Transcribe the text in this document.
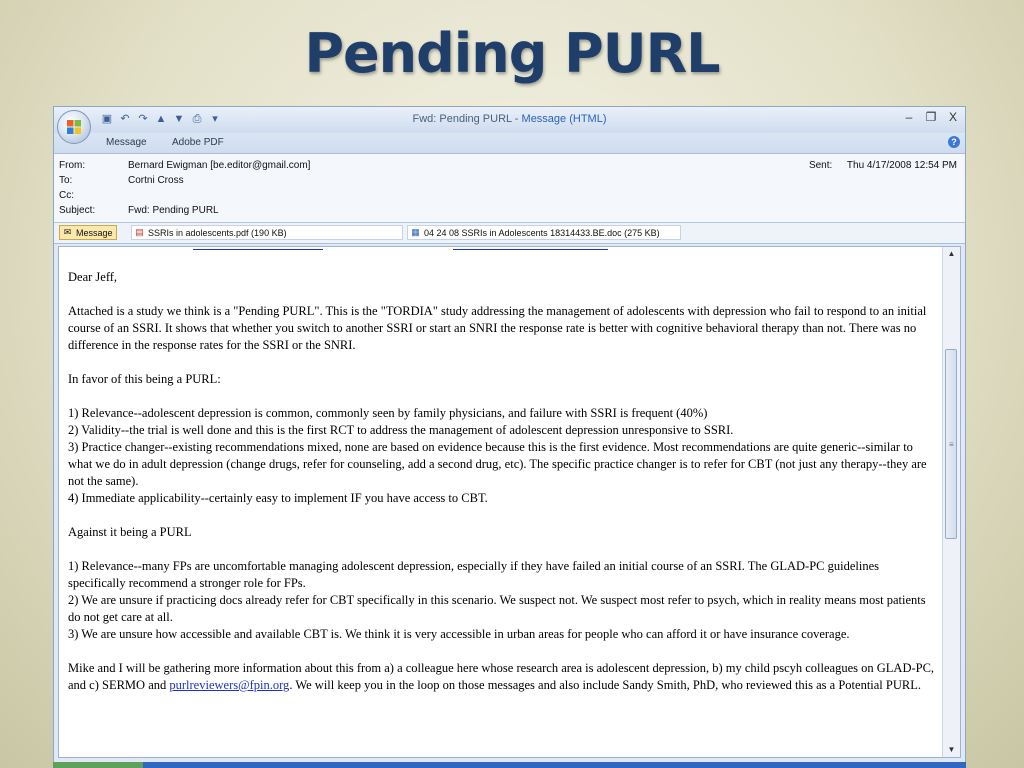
Pending PURL
▣ ↶ ↷ ▲ ▼ ⎙ ▾	Fwd: Pending PURL - Message (HTML)	– ❐ X
Message	Adobe PDF	?
From:	Bernard Ewigman [be.editor@gmail.com]
To:	Cortni Cross
Cc:
Subject:	Fwd: Pending PURL
Sent: Thu 4/17/2008 12:54 PM
✉ Message	▤ SSRIs in adolescents.pdf (190 KB)	▦ 04 24 08 SSRIs in Adolescents 18314433.BE.doc (275 KB)

Dear Jeff,

Attached is a study we think is a "Pending PURL". This is the "TORDIA" study addressing the management of adolescents with depression who fail to respond to an initial course of an SSRI. It shows that whether you switch to another SSRI or start an SNRI the response rate is better with cognitive behavioral therapy than not. There was no difference in the response rates for the SSRI or the SNRI.

In favor of this being a PURL:

1) Relevance--adolescent depression is common, commonly seen by family physicians, and failure with SSRI is frequent (40%)
2) Validity--the trial is well done and this is the first RCT to address the management of adolescent depression unresponsive to SSRI.
3) Practice changer--existing recommendations mixed, none are based on evidence because this is the first evidence. Most recommendations are quite generic--similar to what we do in adult depression (change drugs, refer for counseling, add a second drug, etc). The specific practice changer is to refer for CBT (not just any therapy--they are not the same).
4) Immediate applicability--certainly easy to implement IF you have access to CBT.

Against it being a PURL

1) Relevance--many FPs are uncomfortable managing adolescent depression, especially if they have failed an initial course of an SSRI. The GLAD-PC guidelines specifically recommend a stronger role for FPs.
2) We are unsure if practicing docs already refer for CBT specifically in this scenario. We suspect not. We suspect most refer to psych, which in reality means most patients do not get care at all.
3) We are unsure how accessible and available CBT is. We think it is very accessible in urban areas for people who can afford it or have insurance coverage.

Mike and I will be gathering more information about this from a) a colleague here whose research area is adolescent depression, b) my child pscyh colleagues on GLAD-PC, and c) SERMO and purlreviewers@fpin.org. We will keep you in the loop on those messages and also include Sandy Smith, PhD, who reviewed this as a Potential PURL.

▲
≡
▼
